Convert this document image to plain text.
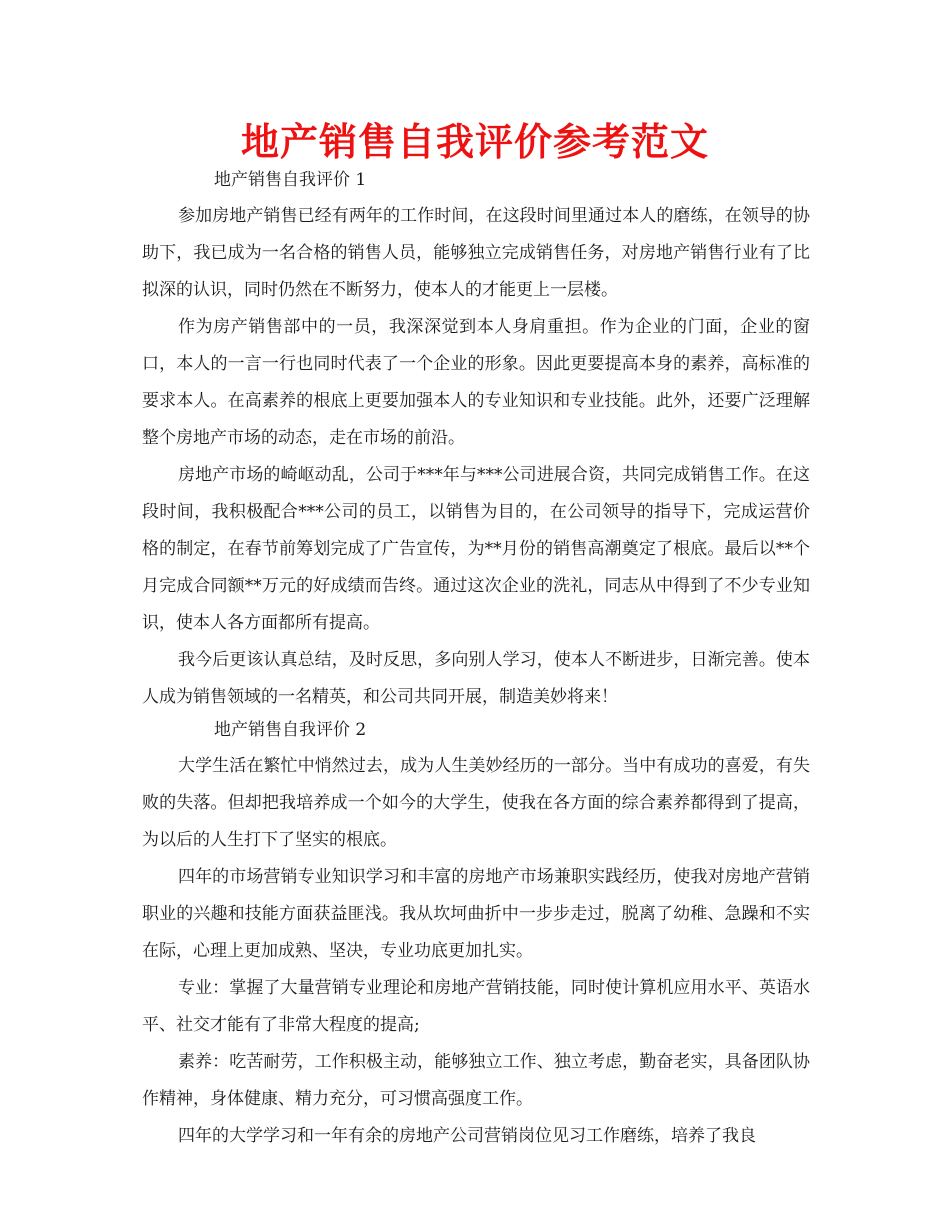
地产销售自我评价参考范文

地产销售自我评价 1

参加房地产销售已经有两年的工作时间，在这段时间里通过本人的磨练，在领导的协助下，我已成为一名合格的销售人员，能够独立完成销售任务，对房地产销售行业有了比拟深的认识，同时仍然在不断努力，使本人的才能更上一层楼。

作为房产销售部中的一员，我深深觉到本人身肩重担。作为企业的门面，企业的窗口，本人的一言一行也同时代表了一个企业的形象。因此更要提高本身的素养，高标准的要求本人。在高素养的根底上更要加强本人的专业知识和专业技能。此外，还要广泛理解整个房地产市场的动态，走在市场的前沿。

房地产市场的崎岖动乱，公司于***年与***公司进展合资，共同完成销售工作。在这段时间，我积极配合***公司的员工，以销售为目的，在公司领导的指导下，完成运营价格的制定，在春节前筹划完成了广告宣传，为**月份的销售高潮奠定了根底。最后以**个月完成合同额**万元的好成绩而告终。通过这次企业的洗礼，同志从中得到了不少专业知识，使本人各方面都所有提高。

我今后更该认真总结，及时反思，多向别人学习，使本人不断进步，日渐完善。使本人成为销售领域的一名精英，和公司共同开展，制造美妙将来！

地产销售自我评价 2

大学生活在繁忙中悄然过去，成为人生美妙经历的一部分。当中有成功的喜爱，有失败的失落。但却把我培养成一个如今的大学生，使我在各方面的综合素养都得到了提高，为以后的人生打下了坚实的根底。

四年的市场营销专业知识学习和丰富的房地产市场兼职实践经历，使我对房地产营销职业的兴趣和技能方面获益匪浅。我从坎坷曲折中一步步走过，脱离了幼稚、急躁和不实在际，心理上更加成熟、坚决，专业功底更加扎实。

专业：掌握了大量营销专业理论和房地产营销技能，同时使计算机应用水平、英语水平、社交才能有了非常大程度的提高;

素养：吃苦耐劳，工作积极主动，能够独立工作、独立考虑，勤奋老实，具备团队协作精神，身体健康、精力充分，可习惯高强度工作。

四年的大学学习和一年有余的房地产公司营销岗位见习工作磨练，培养了我良
